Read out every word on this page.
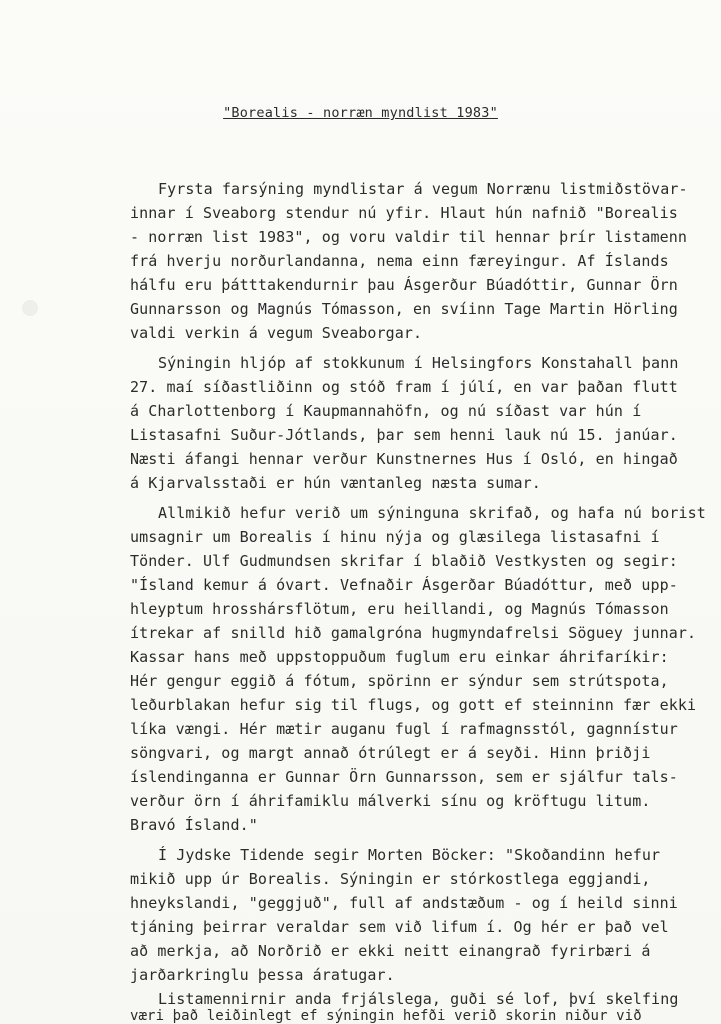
"Borealis - norræn myndlist 1983"
Fyrsta farsýning myndlistar á vegum Norrænu listmiðstövar-
innar í Sveaborg stendur nú yfir. Hlaut hún nafnið "Borealis
- norræn list 1983", og voru valdir til hennar þrír listamenn
frá hverju norðurlandanna, nema einn færeyingur. Af Íslands
hálfu eru þátttakendurnir þau Ásgerður Búadóttir, Gunnar Örn
Gunnarsson og Magnús Tómasson, en svíinn Tage Martin Hörling
valdi verkin á vegum Sveaborgar.
Sýningin hljóp af stokkunum í Helsingfors Konstahall þann
27. maí síðastliðinn og stóð fram í júlí, en var þaðan flutt
á Charlottenborg í Kaupmannahöfn, og nú síðast var hún í
Listasafni Suður-Jótlands, þar sem henni lauk nú 15. janúar.
Næsti áfangi hennar verður Kunstnernes Hus í Osló, en hingað
á Kjarvalsstaði er hún væntanleg næsta sumar.
Allmikið hefur verið um sýninguna skrifað, og hafa nú borist
umsagnir um Borealis í hinu nýja og glæsilega listasafni í
Tönder. Ulf Gudmundsen skrifar í blaðið Vestkysten og segir:
"Ísland kemur á óvart. Vefnaðir Ásgerðar Búadóttur, með upp-
hleyptum hrosshársflötum, eru heillandi, og Magnús Tómasson
ítrekar af snilld hið gamalgróna hugmyndafrelsi Söguey junnar.
Kassar hans með uppstoppuðum fuglum eru einkar áhrifaríkir:
Hér gengur eggið á fótum, spörinn er sýndur sem strútspota,
leðurblakan hefur sig til flugs, og gott ef steinninn fær ekki
líka vængi. Hér mætir auganu fugl í rafmagnsstól, gagnnístur
söngvari, og margt annað ótrúlegt er á seyði. Hinn þriðji
íslendinganna er Gunnar Örn Gunnarsson, sem er sjálfur tals-
verður örn í áhrifamiklu málverki sínu og kröftugu litum.
Bravó Ísland."
Í Jydske Tidende segir Morten Böcker: "Skoðandinn hefur
mikið upp úr Borealis. Sýningin er stórkostlega eggjandi,
hneykslandi, "geggjuð", full af andstæðum - og í heild sinni
tjáning þeirrar veraldar sem við lifum í. Og hér er það vel
að merkja, að Norðrið er ekki neitt einangrað fyrirbæri á
jarðarkringlu þessa áratugar.
Listamennirnir anda frjálslega, guði sé lof, því skelfing
væri það leiðinlegt ef sýningin hefði verið skorin niður við
